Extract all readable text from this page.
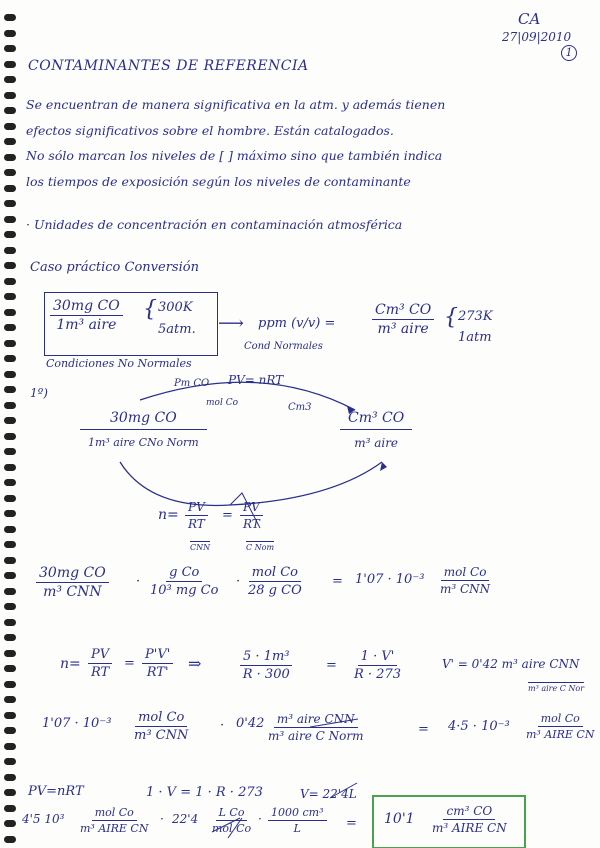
CA
27|09|2010
1
CONTAMINANTES DE REFERENCIA
Se encuentran de manera significativa en la atm. y además tienen
efectos significativos sobre el hombre. Están catalogados.
No sólo marcan los niveles de [ ] máximo sino que también indica
los tiempos de exposición según los niveles de contaminante
· Unidades de concentración en contaminación atmosférica
Caso práctico Conversión
30mg CO
1m³ aire
{ 300K
5atm.
Condiciones No Normales
⟶ ppm (v/v) =
Cond Normales
Cm³ CO
m³ aire { 273K
1atm
1º)
Pm CO PV= nRT
mol Co	Cm3
30mg CO
1m³ aire CNo Norm
Cm³ CO
m³ aire
$n= \frac{PV}{RT}$
CNN
= $\frac{PV}{RT}$
C Nom
30mg CO
m³ CNN
· $\frac{\text{g Co}}{\text{10³ mg Co}}$ ·
mol Co
28 g CO
= 1'07 · 10⁻³ mol Co
m³ CNN
$n= \frac{PV}{RT} = \frac{P'V'}{RT'}$ ⇒	$\frac{\text{5 · 1m³}}{R \cdot 300}$	= $\frac{1 \cdot V'}{R \cdot 273}$	V' = 0'42 m³ aire CNN
m³ aire C Nor
1'07 · 10⁻³ mol Co
m³ CNN
· 0'42 m³ aire CNN
m³ aire C Norm	= 4·5 · 10⁻³
mol Co
m³ AIRE CN
PV=nRT	1 · V = 1 · R · 273	V= 22'4L
4'5 10³	mol Co
m³ AIRE CN
· 22'4 L Co
mol Co
· $\frac{\text{1000 cm³}}{L} = 10'1$	cm³ CO
m³ AIRE CN
